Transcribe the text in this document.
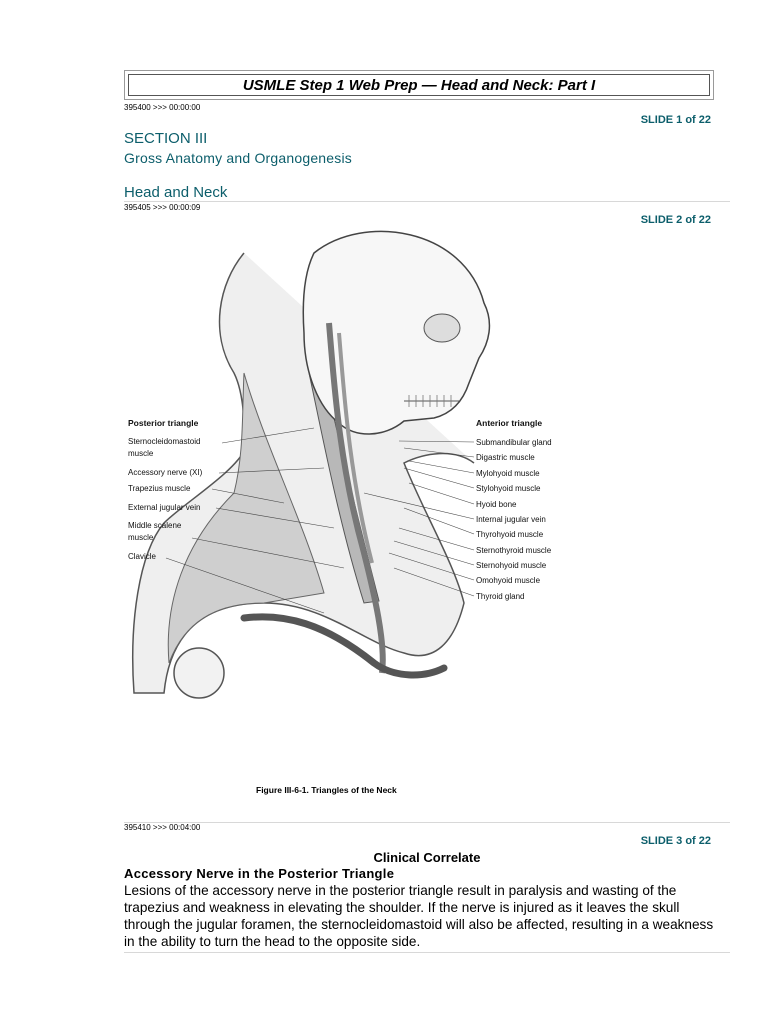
USMLE Step 1 Web Prep — Head and Neck: Part I
395400 >>> 00:00:00
SLIDE 1 of 22
SECTION III
Gross Anatomy and Organogenesis
Head and Neck
395405 >>> 00:00:09
SLIDE 2 of 22
Posterior triangle
Sternocleidomastoid
muscle
Accessory nerve (XI)
Trapezius muscle
External jugular vein
Middle scalene
muscle
Clavicle
Anterior triangle
Submandibular gland
Digastric muscle
Mylohyoid muscle
Stylohyoid muscle
Hyoid bone
Internal jugular vein
Thyrohyoid muscle
Sternothyroid muscle
Sternohyoid muscle
Omohyoid muscle
Thyroid gland
Figure III-6-1. Triangles of the Neck
395410 >>> 00:04:00
SLIDE 3 of 22
Clinical Correlate
Accessory Nerve in the Posterior Triangle
Lesions of the accessory nerve in the posterior triangle result in paralysis and wasting of the trapezius and weakness in elevating the shoulder. If the nerve is injured as it leaves the skull through the jugular foramen, the sternocleidomastoid will also be affected, resulting in a weakness in the ability to turn the head to the opposite side.
